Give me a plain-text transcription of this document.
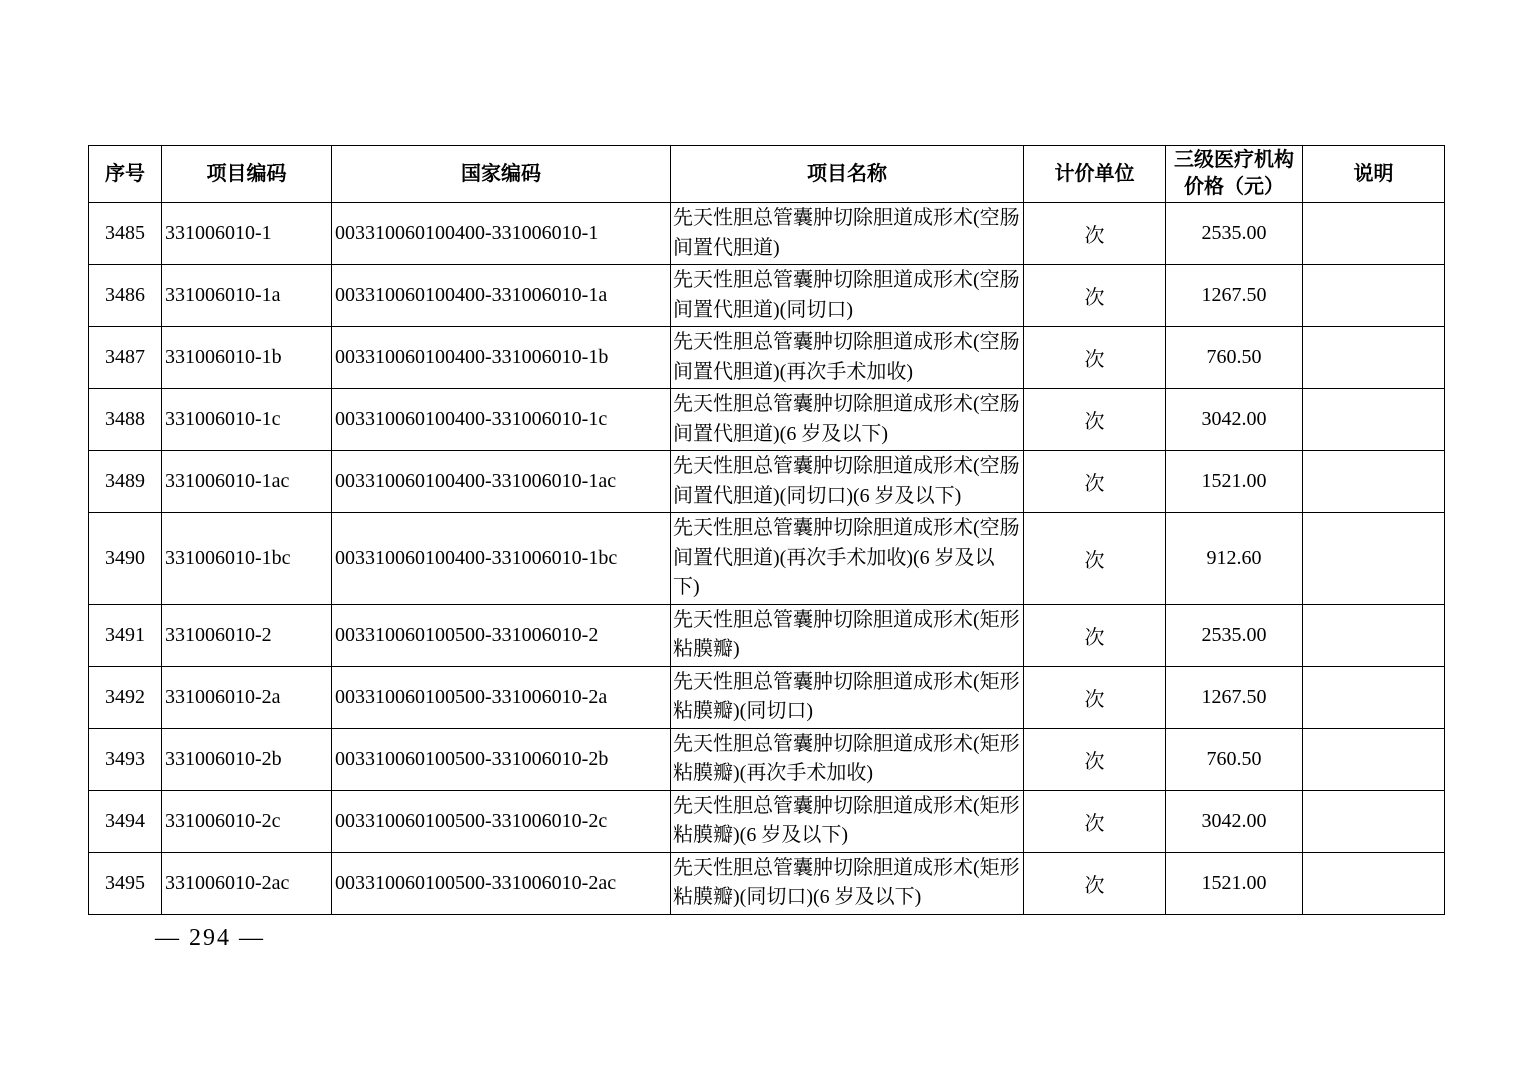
序号	项目编码	国家编码	项目名称	计价单位	三级医疗机构价格（元）	说明
3485	331006010-1	003310060100400-331006010-1	先天性胆总管囊肿切除胆道成形术(空肠间置代胆道)	次	2535.00	
3486	331006010-1a	003310060100400-331006010-1a	先天性胆总管囊肿切除胆道成形术(空肠间置代胆道)(同切口)	次	1267.50	
3487	331006010-1b	003310060100400-331006010-1b	先天性胆总管囊肿切除胆道成形术(空肠间置代胆道)(再次手术加收)	次	760.50	
3488	331006010-1c	003310060100400-331006010-1c	先天性胆总管囊肿切除胆道成形术(空肠间置代胆道)(6 岁及以下)	次	3042.00	
3489	331006010-1ac	003310060100400-331006010-1ac	先天性胆总管囊肿切除胆道成形术(空肠间置代胆道)(同切口)(6 岁及以下)	次	1521.00	
3490	331006010-1bc	003310060100400-331006010-1bc	先天性胆总管囊肿切除胆道成形术(空肠间置代胆道)(再次手术加收)(6 岁及以下)	次	912.60	
3491	331006010-2	003310060100500-331006010-2	先天性胆总管囊肿切除胆道成形术(矩形粘膜瓣)	次	2535.00	
3492	331006010-2a	003310060100500-331006010-2a	先天性胆总管囊肿切除胆道成形术(矩形粘膜瓣)(同切口)	次	1267.50	
3493	331006010-2b	003310060100500-331006010-2b	先天性胆总管囊肿切除胆道成形术(矩形粘膜瓣)(再次手术加收)	次	760.50	
3494	331006010-2c	003310060100500-331006010-2c	先天性胆总管囊肿切除胆道成形术(矩形粘膜瓣)(6 岁及以下)	次	3042.00	
3495	331006010-2ac	003310060100500-331006010-2ac	先天性胆总管囊肿切除胆道成形术(矩形粘膜瓣)(同切口)(6 岁及以下)	次	1521.00	
— 294 —
